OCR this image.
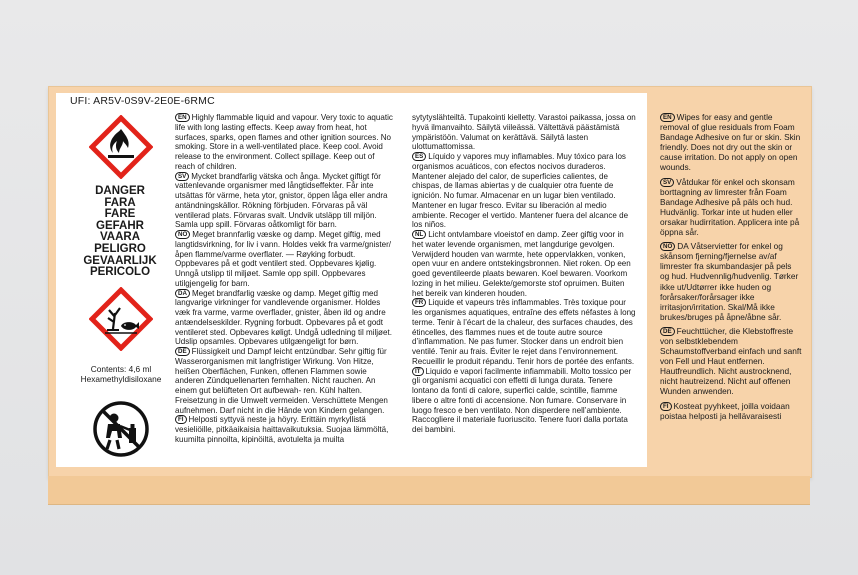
UFI: AR5V-0S9V-2E0E-6RMC
DANGER
FARA
FARE
GEFAHR
VAARA
PELIGRO
GEVAARLIJK
PERICOLO
Contents: 4,6 ml
Hexamethyldisiloxane

EN Highly flammable liquid and vapour. Very toxic to aquatic life with long lasting effects. Keep away from heat, hot surfaces, sparks, open flames and other ignition sources. No smoking. Store in a well-ventilated place. Keep cool. Avoid release to the environment. Collect spillage. Keep out of reach of children.

SV Mycket brandfarlig vätska och ånga. Mycket giftigt för vattenlevande organismer med långtidseffekter. Får inte utsättas för värme, heta ytor, gnistor, öppen låga eller andra antändningskällor. Rökning förbjuden. Förvaras på väl ventilerad plats. Förvaras svalt. Undvik utsläpp till miljön. Samla upp spill. Förvaras oåtkomligt för barn.

NO Meget brannfarlig væske og damp. Meget giftig, med langtidsvirkning, for liv i vann. Holdes vekk fra varme/gnister/åpen flamme/varme overflater. — Røyking forbudt. Oppbevares på et godt ventilert sted. Oppbevares kjølig. Unngå utslipp til miljøet. Samle opp spill. Oppbevares utilgjengelig for barn.

DA Meget brandfarlig væske og damp. Meget giftig med langvarige virkninger for vandlevende organismer. Holdes væk fra varme, varme overflader, gnister, åben ild og andre antændelseskilder. Rygning forbudt. Opbevares på et godt ventileret sted. Opbevares køligt. Undgå udledning til miljøet. Udslip opsamles. Opbevares utilgængeligt for børn.

DE Flüssigkeit und Dampf leicht entzündbar. Sehr giftig für Wasserorganismen mit langfristiger Wirkung. Von Hitze, heißen Oberflächen, Funken, offenen Flammen sowie anderen Zündquellenarten fernhalten. Nicht rauchen. An einem gut belüfteten Ort aufbewah- ren. Kühl halten. Freisetzung in die Umwelt vermeiden. Verschüttete Mengen aufnehmen. Darf nicht in die Hände von Kindern gelangen.

FI Helposti syttyvä neste ja höyry. Erittäin myrkyllistä vesieliöille, pitkäaikaisia haittavaikutuksia. Suojaa lämmöltä, kuumilta pinnoilta, kipinöiltä, avotulelta ja muilta

sytytyslähteiltä. Tupakointi kielletty. Varastoi paikassa, jossa on hyvä ilmanvaihto. Säilytä viileässä. Vältettävä päästämistä ympäristöön. Valumat on kerättävä. Säilytä lasten ulottumattomissa.

ES Líquido y vapores muy inflamables. Muy tóxico para los organismos acuáticos, con efectos nocivos duraderos. Mantener alejado del calor, de superficies calientes, de chispas, de llamas abiertas y de cualquier otra fuente de ignición. No fumar. Almacenar en un lugar bien ventilado. Mantener en lugar fresco. Evitar su liberación al medio ambiente. Recoger el vertido. Mantener fuera del alcance de los niños.

NL Licht ontvlambare vloeistof en damp. Zeer giftig voor in het water levende organismen, met langdurige gevolgen. Verwijderd houden van warmte, hete oppervlakken, vonken, open vuur en andere ontstekingsbronnen. Niet roken. Op een goed geventileerde plaats bewaren. Koel bewaren. Voorkom lozing in het milieu. Gelekte/gemorste stof opruimen. Buiten het bereik van kinderen houden.

FR Liquide et vapeurs très inflammables. Très toxique pour les organismes aquatiques, entraîne des effets néfastes à long terme. Tenir à l’écart de la chaleur, des surfaces chaudes, des étincelles, des flammes nues et de toute autre source d’inflammation. Ne pas fumer. Stocker dans un endroit bien ventilé. Tenir au frais. Éviter le rejet dans l’environnement. Recueillir le produit répandu. Tenir hors de portée des enfants.

IT Liquido e vapori facilmente infiammabili. Molto tossico per gli organismi acquatici con effetti di lunga durata. Tenere lontano da fonti di calore, superfici calde, scintille, fiamme libere o altre fonti di accensione. Non fumare. Conservare in luogo fresco e ben ventilato. Non disperdere nell’ambiente. Raccogliere il materiale fuoriuscito. Tenere fuori dalla portata dei bambini.

EN Wipes for easy and gentle removal of glue residuals from Foam Bandage Adhesive on fur or skin. Skin friendly. Does not dry out the skin or cause irritation. Do not apply on open wounds.

SV Våtdukar för enkel och skonsam borttagning av limrester från Foam Bandage Adhesive på päls och hud. Hudvänlig. Torkar inte ut huden eller orsakar hudirritation. Applicera inte på öppna sår.

NO DA Våtservietter for enkel og skånsom fjerning/fjernelse av/af limrester fra skumbandasjer på pels og hud. Hudvennlig/hudvenlig. Tørker ikke ut/Udtørrer ikke huden og forårsaker/forårsager ikke irritasjon/irritation. Skal/Må ikke brukes/bruges på åpne/åbne sår.

DE Feuchttücher, die Klebstoffreste von selbstklebendem Schaumstoffverband einfach und sanft von Fell und Haut entfernen. Hautfreundlich. Nicht austrocknend, nicht hautreizend. Nicht auf offenen Wunden anwenden.

FI Kosteat pyyhkeet, joilla voidaan poistaa helposti ja hellävaraisesti
